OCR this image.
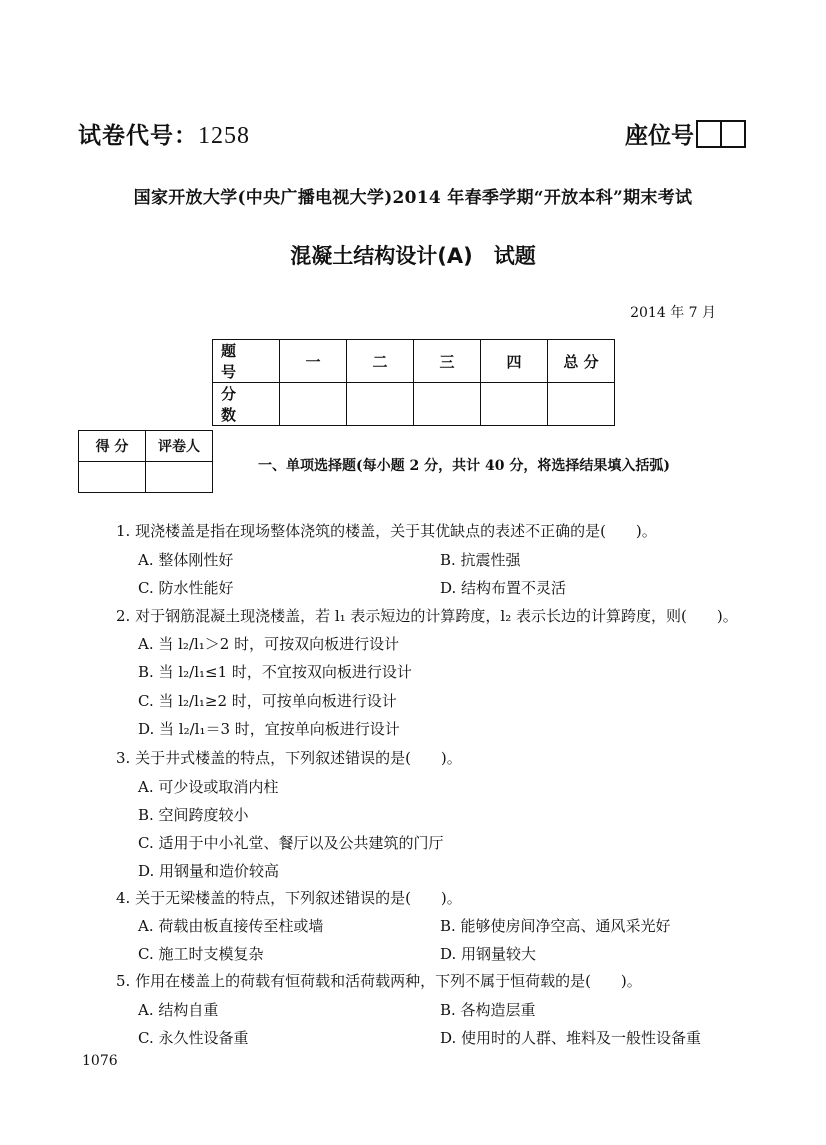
试卷代号：1258	座位号
国家开放大学(中央广播电视大学)2014 年春季学期“开放本科”期末考试
混凝土结构设计(A)　试题
2014 年 7 月
题 号	一	二	三	四	总 分
分 数					
得 分	评卷人

一、单项选择题(每小题 2 分，共计 40 分，将选择结果填入括弧)
1. 现浇楼盖是指在现场整体浇筑的楼盖，关于其优缺点的表述不正确的是(　　)。
A. 整体刚性好	B. 抗震性强
C. 防水性能好	D. 结构布置不灵活
2. 对于钢筋混凝土现浇楼盖，若 l₁ 表示短边的计算跨度，l₂ 表示长边的计算跨度，则(　　)。
A. 当 l₂/l₁＞2 时，可按双向板进行设计
B. 当 l₂/l₁≤1 时，不宜按双向板进行设计
C. 当 l₂/l₁≥2 时，可按单向板进行设计
D. 当 l₂/l₁＝3 时，宜按单向板进行设计
3. 关于井式楼盖的特点，下列叙述错误的是(　　)。
A. 可少设或取消内柱
B. 空间跨度较小
C. 适用于中小礼堂、餐厅以及公共建筑的门厅
D. 用钢量和造价较高
4. 关于无梁楼盖的特点，下列叙述错误的是(　　)。
A. 荷载由板直接传至柱或墙	B. 能够使房间净空高、通风采光好
C. 施工时支模复杂	D. 用钢量较大
5. 作用在楼盖上的荷载有恒荷载和活荷载两种，下列不属于恒荷载的是(　　)。
A. 结构自重	B. 各构造层重
C. 永久性设备重	D. 使用时的人群、堆料及一般性设备重
1076
